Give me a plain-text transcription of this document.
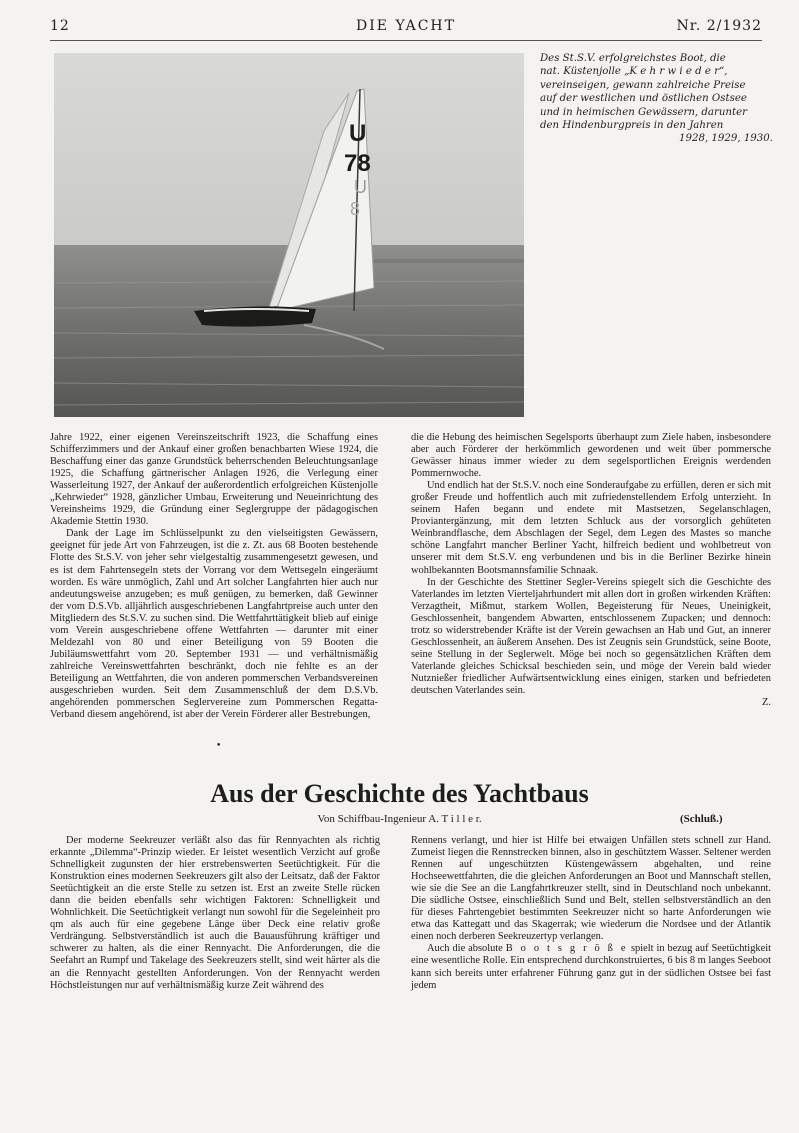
12	DIE YACHT	Nr. 2/1932
U
78
U
8
Des St.S.V. erfolgreichstes Boot, die
nat. Küstenjolle „K e h r w i e d e r“,
vereinseigen, gewann zahlreiche Preise
auf der westlichen und östlichen Ostsee
und in heimischen Gewässern, darunter
den Hindenburgpreis in den Jahren
1928, 1929, 1930.

Jahre 1922, einer eigenen Vereinszeitschrift 1923, die Schaffung eines Schifferzimmers und der Ankauf einer großen benachbarten Wiese 1924, die Beschaffung einer das ganze Grundstück beherrschenden Beleuchtungsanlage 1925, die Schaffung gärtnerischer Anlagen 1926, die Verlegung einer Wasserleitung 1927, der Ankauf der außerordentlich erfolgreichen Küstenjolle „Kehrwieder“ 1928, gänzlicher Umbau, Erweiterung und Neueinrichtung des Vereinsheims 1929, die Gründung einer Seglergruppe der pädagogischen Akademie Stettin 1930.

Dank der Lage im Schlüsselpunkt zu den vielseitigsten Gewässern, geeignet für jede Art von Fahrzeugen, ist die z. Zt. aus 68 Booten bestehende Flotte des St.S.V. von jeher sehr vielgestaltig zusammengesetzt gewesen, und es ist dem Fahrtensegeln stets der Vorrang vor dem Wettsegeln eingeräumt worden. Es wäre unmöglich, Zahl und Art solcher Langfahrten hier auch nur andeutungsweise anzugeben; es muß genügen, zu bemerken, daß Gewinner der vom D.S.Vb. alljährlich ausgeschriebenen Langfahrtpreise auch unter den Mitgliedern des St.S.V. zu suchen sind. Die Wettfahrttätigkeit blieb auf einige vom Verein ausgeschriebene offene Wettfahrten — darunter mit einer Meldezahl von 80 und einer Beteiligung von 59 Booten die Jubiläumswettfahrt vom 20. September 1931 — und verhältnismäßig zahlreiche Vereinswettfahrten beschränkt, doch nie fehlte es an der Beteiligung an Wettfahrten, die von anderen pommerschen Verbandsvereinen ausgeschrieben wurden. Seit dem Zusammenschluß der dem D.S.Vb. angehörenden pommerschen Seglervereine zum Pommerschen Regatta-Verband diesem angehörend, ist aber der Verein Förderer aller Bestrebungen,

•

die die Hebung des heimischen Segelsports überhaupt zum Ziele haben, insbesondere aber auch Förderer der herkömmlich gewordenen und weit über pommersche Gewässer hinaus immer wieder zu dem segelsportlichen Ereignis werdenden Pommernwoche.

Und endlich hat der St.S.V. noch eine Sonderaufgabe zu erfüllen, deren er sich mit großer Freude und hoffentlich auch mit zufriedenstellendem Erfolg unterzieht. In seinem Hafen begann und endete mit Mastsetzen, Segelanschlagen, Proviantergänzung, mit dem letzten Schluck aus der vorsorglich gehüteten Weinbrandflasche, dem Abschlagen der Segel, dem Legen des Mastes so manche schöne Langfahrt mancher Berliner Yacht, hilfreich bedient und wohlbetreut von unserer mit dem St.S.V. eng verbundenen und bis in die Berliner Bezirke hinein wohlbekannten Bootsmannsfamilie Schnaak.

In der Geschichte des Stettiner Segler-Vereins spiegelt sich die Geschichte des Vaterlandes im letzten Vierteljahrhundert mit allen dort in großen wirkenden Kräften: Verzagtheit, Mißmut, starkem Wollen, Begeisterung für Neues, Uneinigkeit, Geschlossenheit, bangendem Abwarten, entschlossenem Zupacken; und dennoch: trotz so widerstrebender Kräfte ist der Verein gewachsen an Hab und Gut, an innerer Geschlossenheit, an äußerem Ansehen. Des ist Zeugnis sein Grundstück, seine Boote, seine Stellung in der Seglerwelt. Möge bei noch so gegensätzlichen Kräften dem Vaterlande gleiches Schicksal beschieden sein, und möge der Verein bald wieder Nutznießer friedlicher Aufwärtsentwicklung eines einigen, starken und befriedeten deutschen Vaterlandes sein.

Z.

Aus der Geschichte des Yachtbaus
Von Schiffbau-Ingenieur A. T i l l e r.	(Schluß.)

Der moderne Seekreuzer verläßt also das für Rennyachten als richtig erkannte „Dilemma“-Prinzip wieder. Er leistet wesentlich Verzicht auf große Schnelligkeit zugunsten der hier erstrebenswerten Seetüchtigkeit. Für die Konstruktion eines modernen Seekreuzers gilt also der Leitsatz, daß der Faktor Seetüchtigkeit an die erste Stelle zu setzen ist. Erst an zweite Stelle rücken dann die beiden ebenfalls sehr wichtigen Faktoren: Schnelligkeit und Wohnlichkeit. Die Seetüchtigkeit verlangt nun sowohl für die Segeleinheit pro qm als auch für eine gegebene Länge über Deck eine relativ große Verdrängung. Selbstverständlich ist auch die Bauausführung kräftiger und schwerer zu halten, als die einer Rennyacht. Die Anforderungen, die die Seefahrt an Rumpf und Takelage des Seekreuzers stellt, sind weit härter als die an die Rennyacht gestellten Anforderungen. Von der Rennyacht werden Höchstleistungen nur auf verhältnismäßig kurze Zeit während des

Rennens verlangt, und hier ist Hilfe bei etwaigen Unfällen stets schnell zur Hand. Zumeist liegen die Rennstrecken binnen, also in geschütztem Wasser. Seltener werden Rennen auf ungeschützten Küstengewässern abgehalten, und reine Hochseewettfahrten, die die gleichen Anforderungen an Boot und Mannschaft stellen, wie sie die See an die Langfahrtkreuzer stellt, sind in Deutschland noch unbekannt. Die südliche Ostsee, einschließlich Sund und Belt, stellen selbstverständlich an den für dieses Fahrtengebiet bestimmten Seekreuzer nicht so harte Anforderungen wie etwa das Kattegatt und das Skagerrak; wie wiederum die Nordsee und der Atlantik einen noch derberen Seekreuzertyp verlangen.

Auch die absolute B o o t s g r ö ß e spielt in bezug auf Seetüchtigkeit eine wesentliche Rolle. Ein entsprechend durchkonstruiertes, 6 bis 8 m langes Seeboot kann sich bereits unter erfahrener Führung ganz gut in der südlichen Ostsee bei fast jedem
